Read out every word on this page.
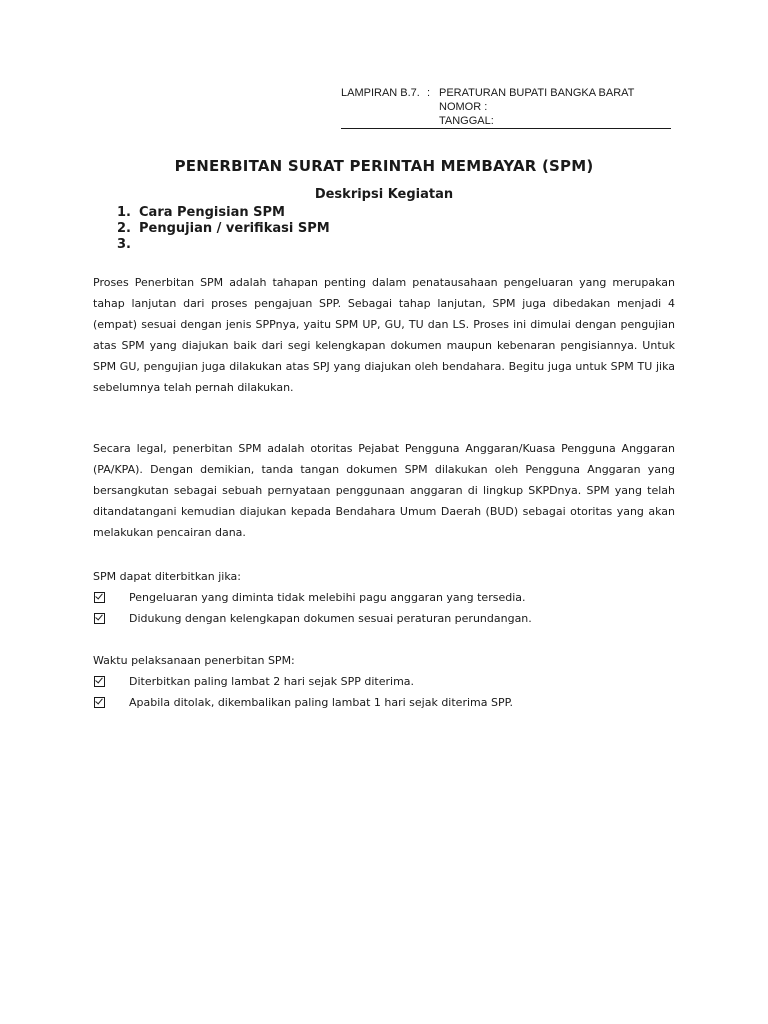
LAMPIRAN B.7. : PERATURAN BUPATI BANGKA BARAT
NOMOR :
TANGGAL:
PENERBITAN SURAT PERINTAH MEMBAYAR (SPM)
Deskripsi Kegiatan
1. Cara Pengisian SPM
2. Pengujian / verifikasi SPM
3.

Proses Penerbitan SPM adalah tahapan penting dalam penatausahaan pengeluaran yang merupakan tahap lanjutan dari proses pengajuan SPP. Sebagai tahap lanjutan, SPM juga dibedakan menjadi 4 (empat) sesuai dengan jenis SPPnya, yaitu SPM UP, GU, TU dan LS. Proses ini dimulai dengan pengujian atas SPM yang diajukan baik dari segi kelengkapan dokumen maupun kebenaran pengisiannya. Untuk SPM GU, pengujian juga dilakukan atas SPJ yang diajukan oleh bendahara. Begitu juga untuk SPM TU jika sebelumnya telah pernah dilakukan.

Secara legal, penerbitan SPM adalah otoritas Pejabat Pengguna Anggaran/Kuasa Pengguna Anggaran (PA/KPA). Dengan demikian, tanda tangan dokumen SPM dilakukan oleh Pengguna Anggaran yang bersangkutan sebagai sebuah pernyataan penggunaan anggaran di lingkup SKPDnya. SPM yang telah ditandatangani kemudian diajukan kepada Bendahara Umum Daerah (BUD) sebagai otoritas yang akan melakukan pencairan dana.

SPM dapat diterbitkan jika:
Pengeluaran yang diminta tidak melebihi pagu anggaran yang tersedia.
Didukung dengan kelengkapan dokumen sesuai peraturan perundangan.
Waktu pelaksanaan penerbitan SPM:
Diterbitkan paling lambat 2 hari sejak SPP diterima.
Apabila ditolak, dikembalikan paling lambat 1 hari sejak diterima SPP.
